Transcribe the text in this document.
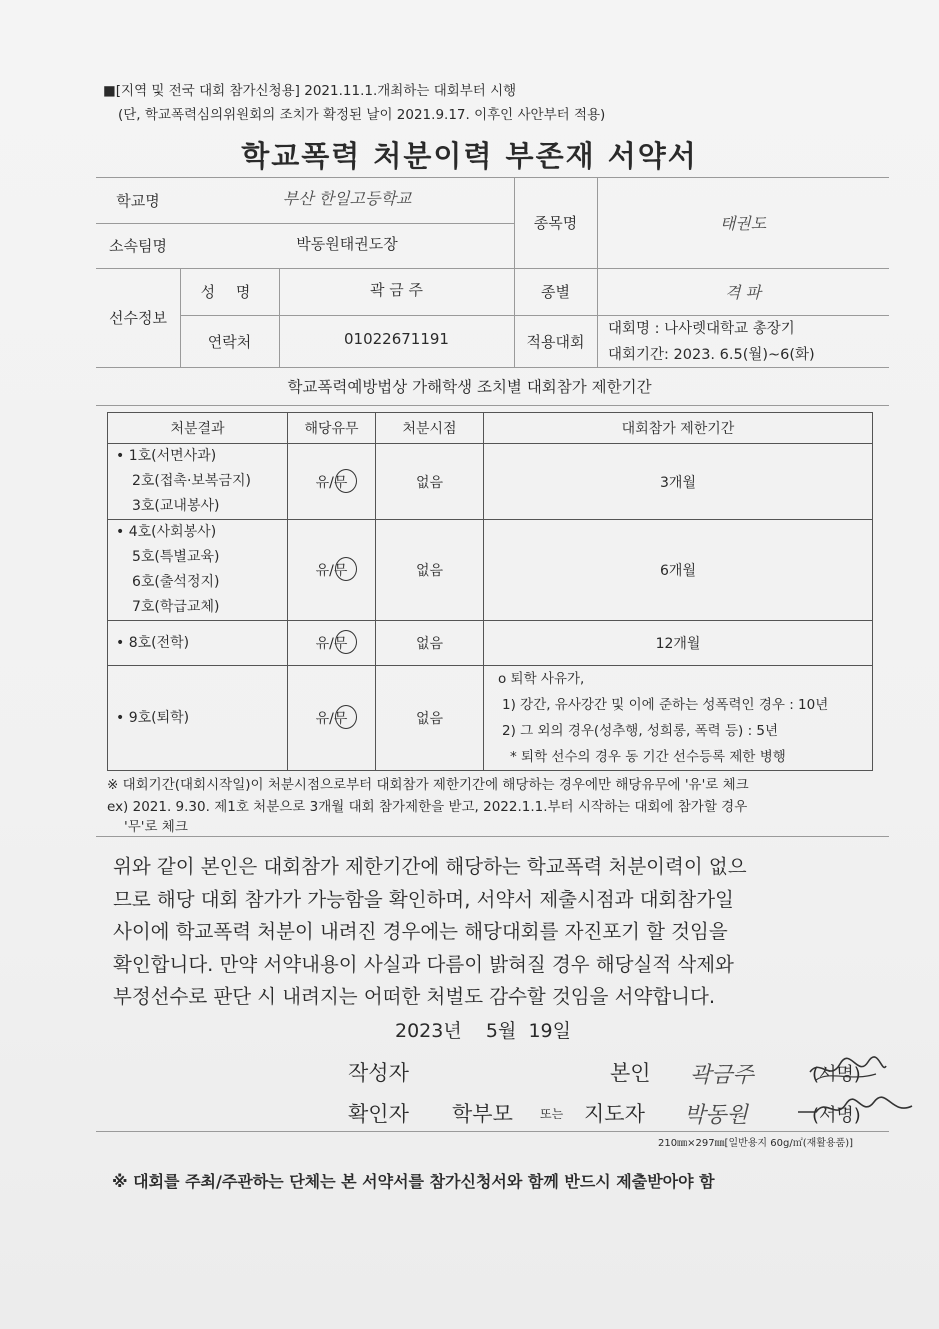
■[지역 및 전국 대회 참가신청용] 2021.11.1.개최하는 대회부터 시행
(단, 학교폭력심의위원회의 조치가 확정된 날이 2021.9.17. 이후인 사안부터 적용)
학교폭력 처분이력 부존재 서약서
학교명	부산 한일고등학교
소속팀명	박동원태권도장
종목명	태권도
선수정보
성 명	곽 금 주	종별	격 파
연락처	01022671191	적용대회
대회명 : 나사렛대학교 총장기
대회기간: 2023. 6.5(월)~6(화)
학교폭력예방법상 가해학생 조치별 대회참가 제한기간
처분결과	해당유무	처분시점	대회참가 제한기간

• 1호(서면사과)
2호(접촉·보복금지)
3호(교내봉사)	유/무	없음	3개월

• 4호(사회봉사)
5호(특별교육)
6호(출석정지)
7호(학급교체)	유/무	없음	6개월

• 8호(전학)	유/무	없음	12개월

• 9호(퇴학)	유/무	없음	o 퇴학 사유가,
1) 강간, 유사강간 및 이에 준하는 성폭력인 경우 : 10년
2) 그 외의 경우(성추행, 성희롱, 폭력 등) : 5년
* 퇴학 선수의 경우 동 기간 선수등록 제한 병행
※ 대회기간(대회시작일)이 처분시점으로부터 대회참가 제한기간에 해당하는 경우에만 해당유무에 '유'로 체크
ex) 2021. 9.30. 제1호 처분으로 3개월 대회 참가제한을 받고, 2022.1.1.부터 시작하는 대회에 참가할 경우
'무'로 체크
위와 같이 본인은 대회참가 제한기간에 해당하는 학교폭력 처분이력이 없으
므로 해당 대회 참가가 가능함을 확인하며, 서약서 제출시점과 대회참가일
사이에 학교폭력 처분이 내려진 경우에는 해당대회를 자진포기 할 것임을
확인합니다. 만약 서약내용이 사실과 다름이 밝혀질 경우 해당실적 삭제와
부정선수로 판단 시 내려지는 어떠한 처벌도 감수할 것임을 서약합니다.
2023년 5월 19일
작성자	본인 곽금주	(서명)
확인자 학부모 또는 지도자 박동원	(서명)
210㎜×297㎜[일반용지 60g/㎡(재활용품)]
※ 대회를 주최/주관하는 단체는 본 서약서를 참가신청서와 함께 반드시 제출받아야 함
